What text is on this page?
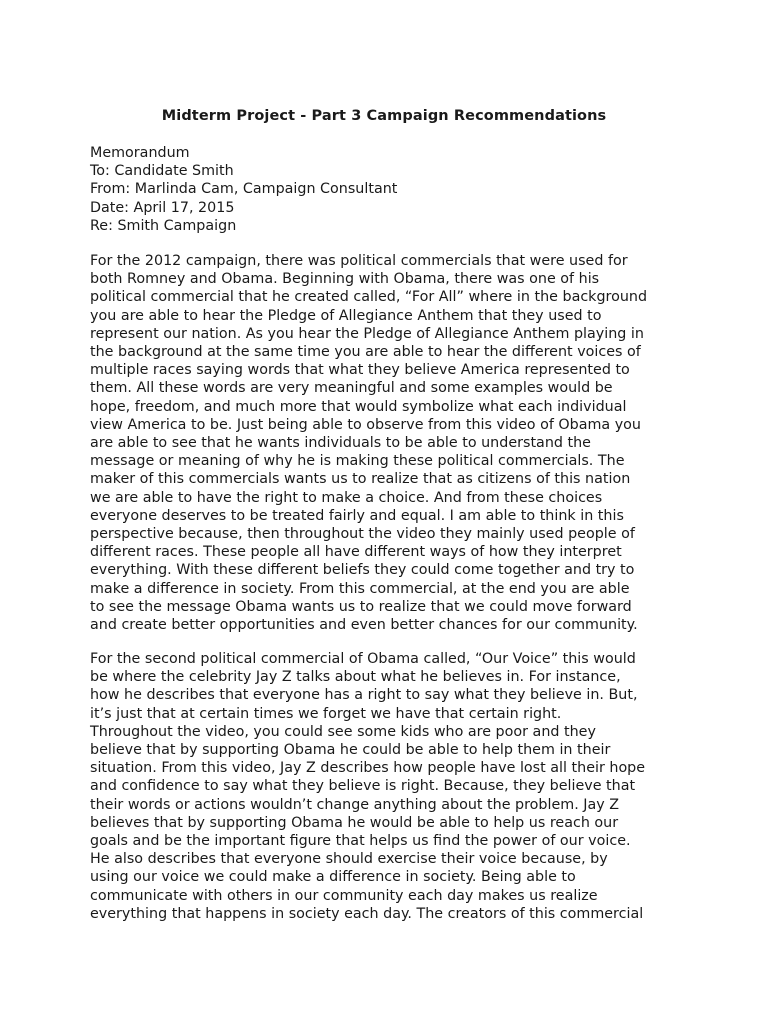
Midterm Project - Part 3 Campaign Recommendations
Memorandum
To: Candidate Smith
From: Marlinda Cam, Campaign Consultant
Date: April 17, 2015
Re: Smith Campaign
For the 2012 campaign, there was political commercials that were used for
both Romney and Obama. Beginning with Obama, there was one of his
political commercial that he created called, “For All” where in the background
you are able to hear the Pledge of Allegiance Anthem that they used to
represent our nation. As you hear the Pledge of Allegiance Anthem playing in
the background at the same time you are able to hear the different voices of
multiple races saying words that what they believe America represented to
them. All these words are very meaningful and some examples would be
hope, freedom, and much more that would symbolize what each individual
view America to be. Just being able to observe from this video of Obama you
are able to see that he wants individuals to be able to understand the
message or meaning of why he is making these political commercials. The
maker of this commercials wants us to realize that as citizens of this nation
we are able to have the right to make a choice. And from these choices
everyone deserves to be treated fairly and equal. I am able to think in this
perspective because, then throughout the video they mainly used people of
different races. These people all have different ways of how they interpret
everything. With these different beliefs they could come together and try to
make a difference in society. From this commercial, at the end you are able
to see the message Obama wants us to realize that we could move forward
and create better opportunities and even better chances for our community.
For the second political commercial of Obama called, “Our Voice” this would
be where the celebrity Jay Z talks about what he believes in. For instance,
how he describes that everyone has a right to say what they believe in. But,
it’s just that at certain times we forget we have that certain right.
Throughout the video, you could see some kids who are poor and they
believe that by supporting Obama he could be able to help them in their
situation. From this video, Jay Z describes how people have lost all their hope
and confidence to say what they believe is right. Because, they believe that
their words or actions wouldn’t change anything about the problem. Jay Z
believes that by supporting Obama he would be able to help us reach our
goals and be the important figure that helps us find the power of our voice.
He also describes that everyone should exercise their voice because, by
using our voice we could make a difference in society. Being able to
communicate with others in our community each day makes us realize
everything that happens in society each day. The creators of this commercial
